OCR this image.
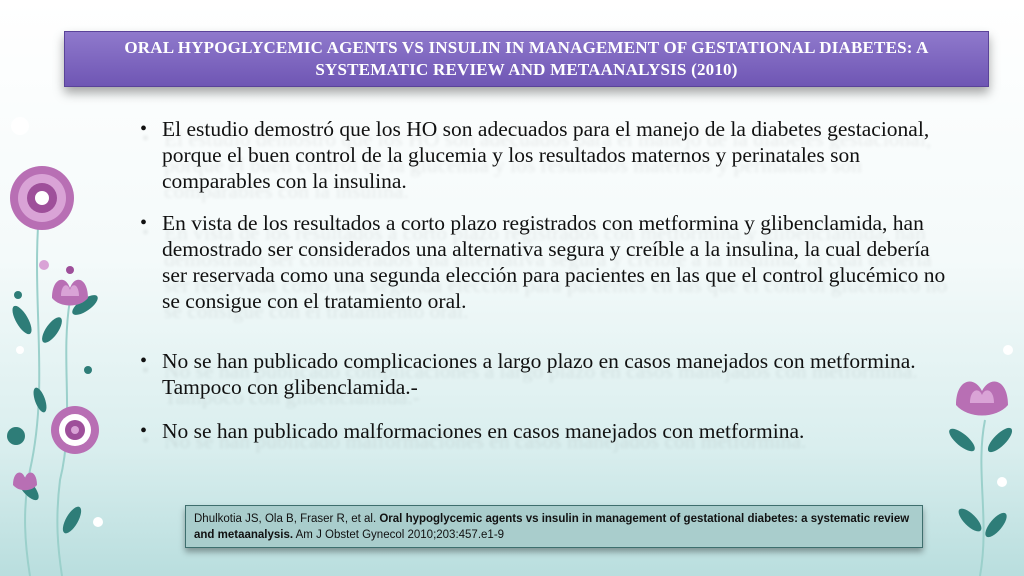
ORAL HYPOGLYCEMIC AGENTS VS INSULIN IN MANAGEMENT OF GESTATIONAL DIABETES: A SYSTEMATIC REVIEW AND METAANALYSIS (2010)
• El estudio demostró que los HO son adecuados para el manejo de la diabetes gestacional, porque el buen control de la glucemia y los resultados maternos y perinatales son comparables con la insulina.
• En vista de los resultados a corto plazo registrados con metformina y glibenclamida, han demostrado ser considerados una alternativa segura y creíble a la insulina, la cual debería ser reservada como una segunda elección para pacientes en las que el control glucémico no se consigue con el tratamiento oral.
• No se han publicado complicaciones a largo plazo en casos manejados con metformina. Tampoco con glibenclamida.-
• No se han publicado malformaciones en casos manejados con metformina.
Dhulkotia JS, Ola B, Fraser R, et al. Oral hypoglycemic agents vs insulin in management of gestational diabetes: a systematic review and metaanalysis. Am J Obstet Gynecol 2010;203:457.e1-9
